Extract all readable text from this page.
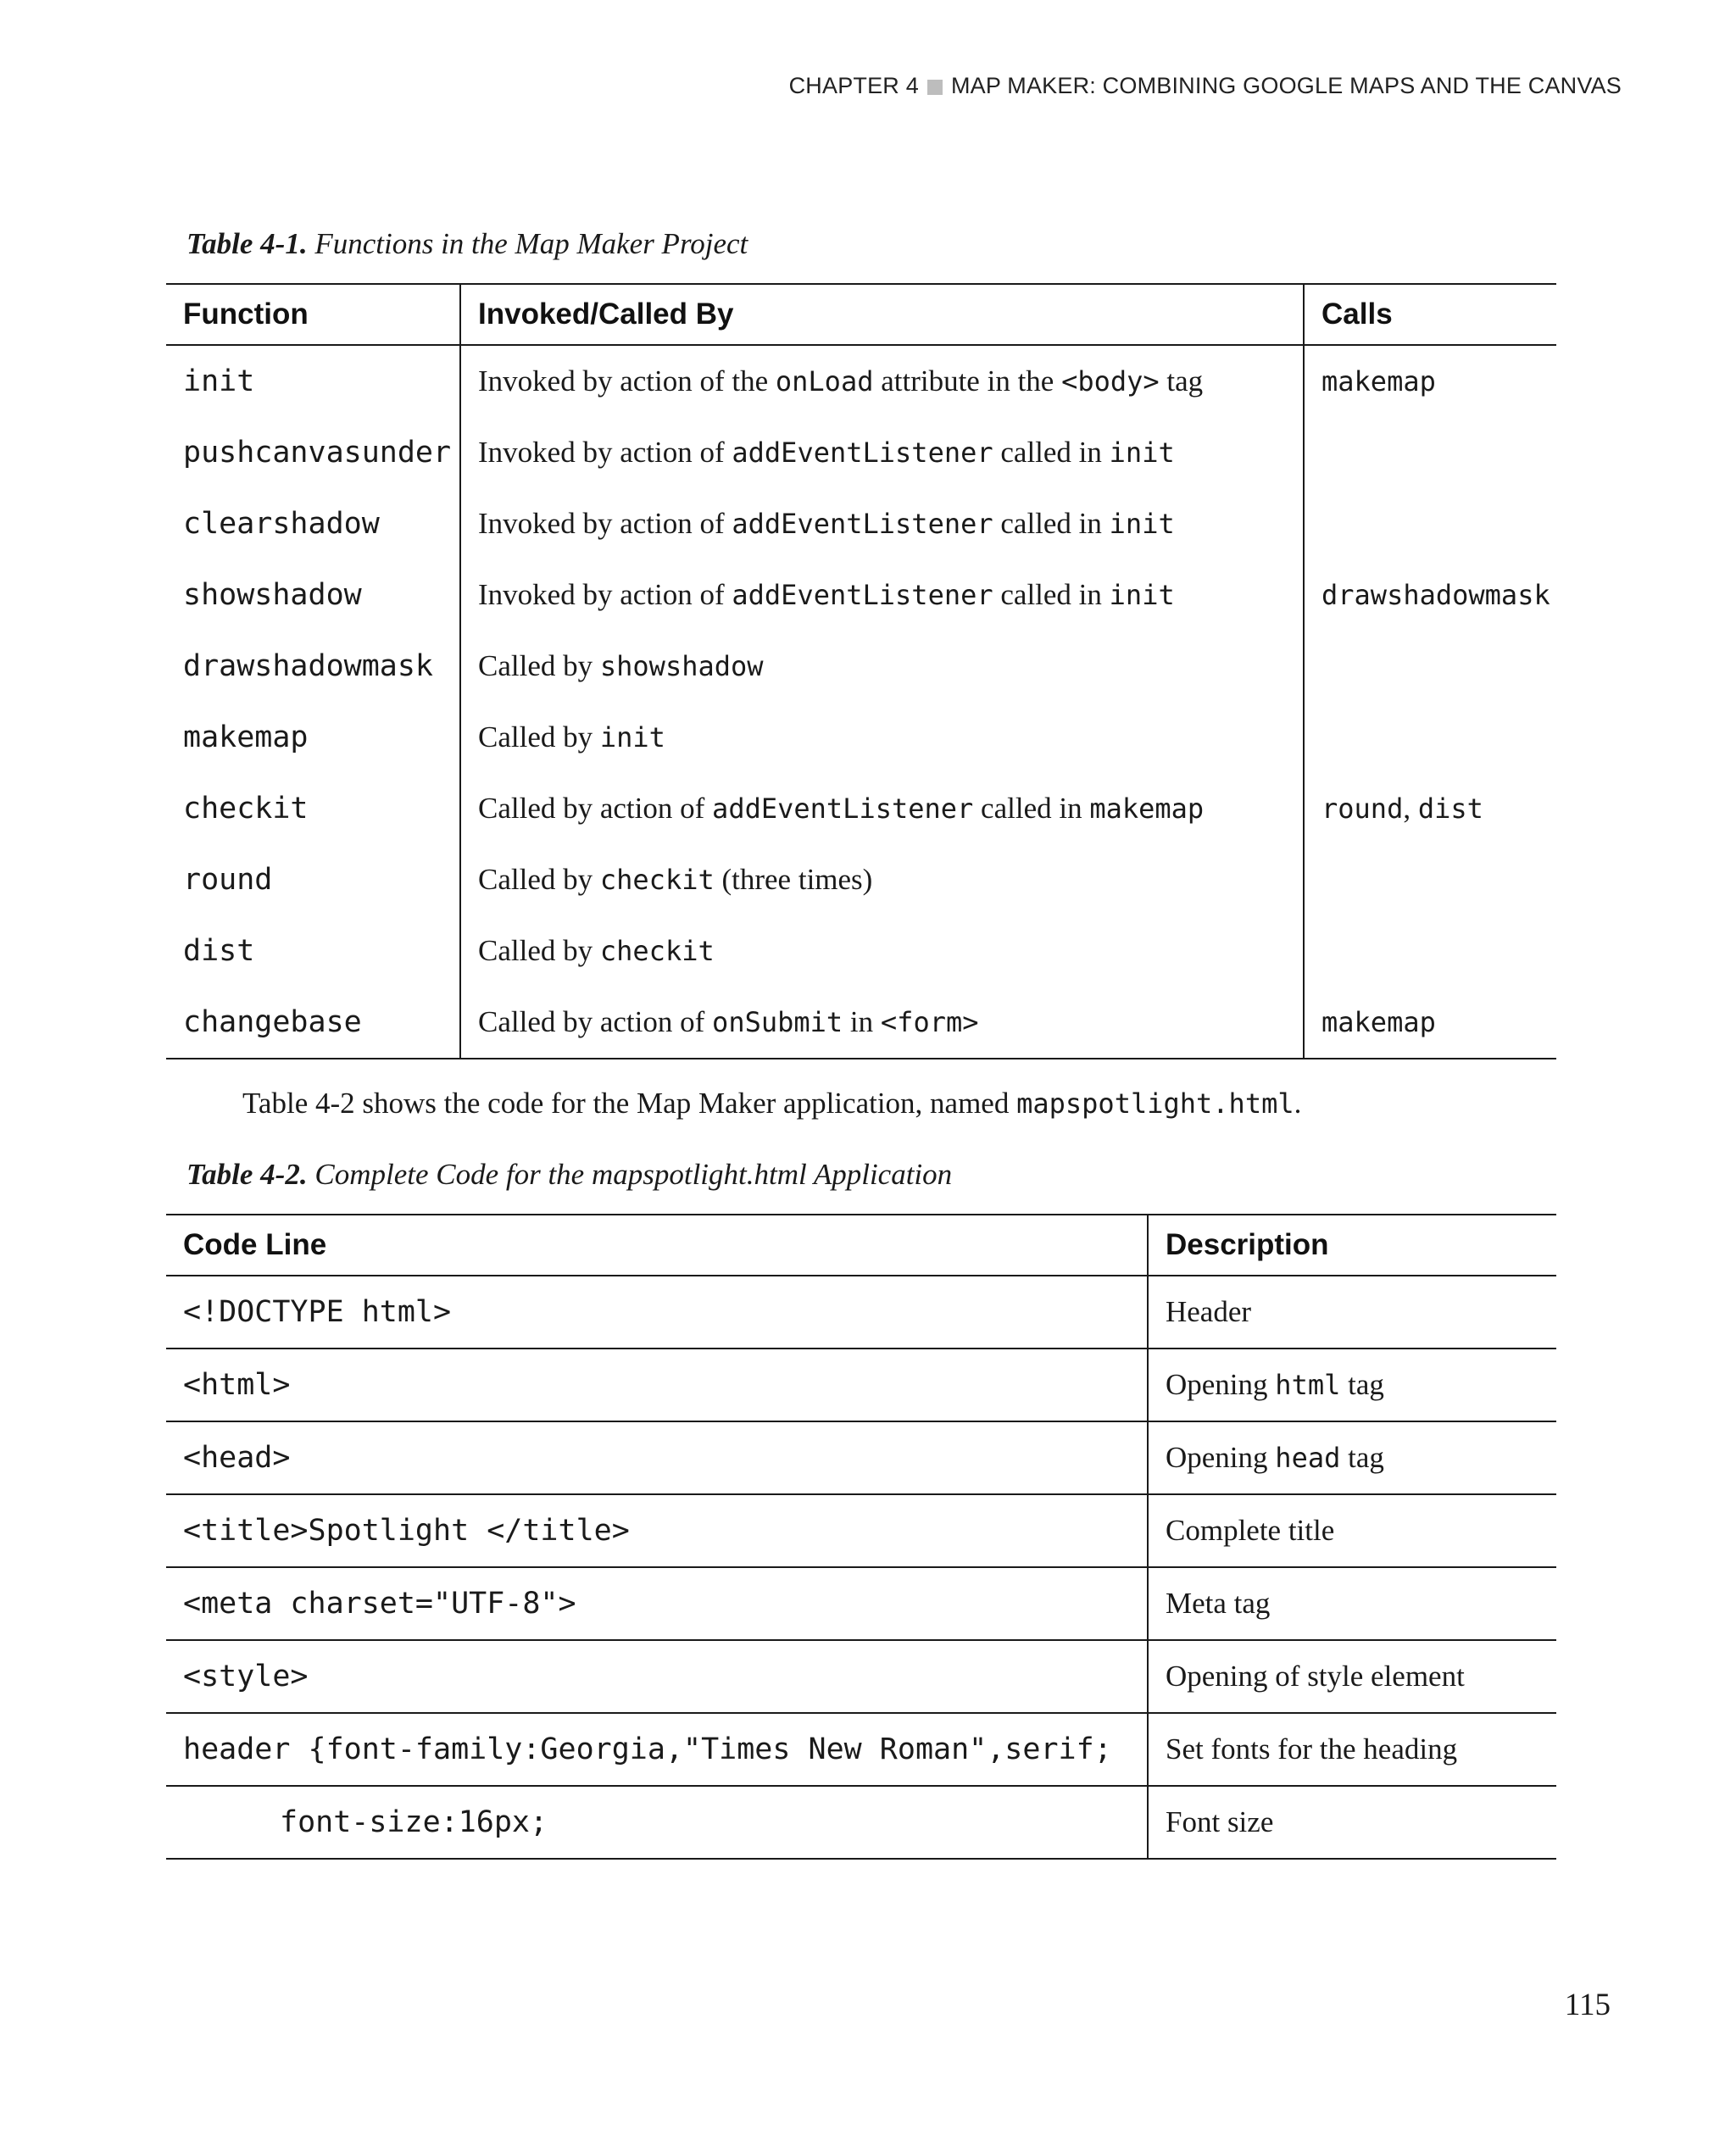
CHAPTER 4 MAP MAKER: COMBINING GOOGLE MAPS AND THE CANVAS
Table 4-1. Functions in the Map Maker Project
Function	Invoked/Called By	Calls
init	Invoked by action of the onLoad attribute in the <body> tag	makemap
pushcanvasunder	Invoked by action of addEventListener called in init	
clearshadow	Invoked by action of addEventListener called in init	
showshadow	Invoked by action of addEventListener called in init	drawshadowmask
drawshadowmask	Called by showshadow	
makemap	Called by init	
checkit	Called by action of addEventListener called in makemap	round, dist
round	Called by checkit (three times)	
dist	Called by checkit	
changebase	Called by action of onSubmit in <form>	makemap
Table 4-2 shows the code for the Map Maker application, named mapspotlight.html.
Table 4-2. Complete Code for the mapspotlight.html Application
Code Line	Description
<!DOCTYPE html>	Header
<html>	Opening html tag
<head>	Opening head tag
<title>Spotlight </title>	Complete title
<meta charset="UTF-8">	Meta tag
<style>	Opening of style element
header {font-family:Georgia,"Times New Roman",serif;	Set fonts for the heading
font-size:16px;	Font size
115
